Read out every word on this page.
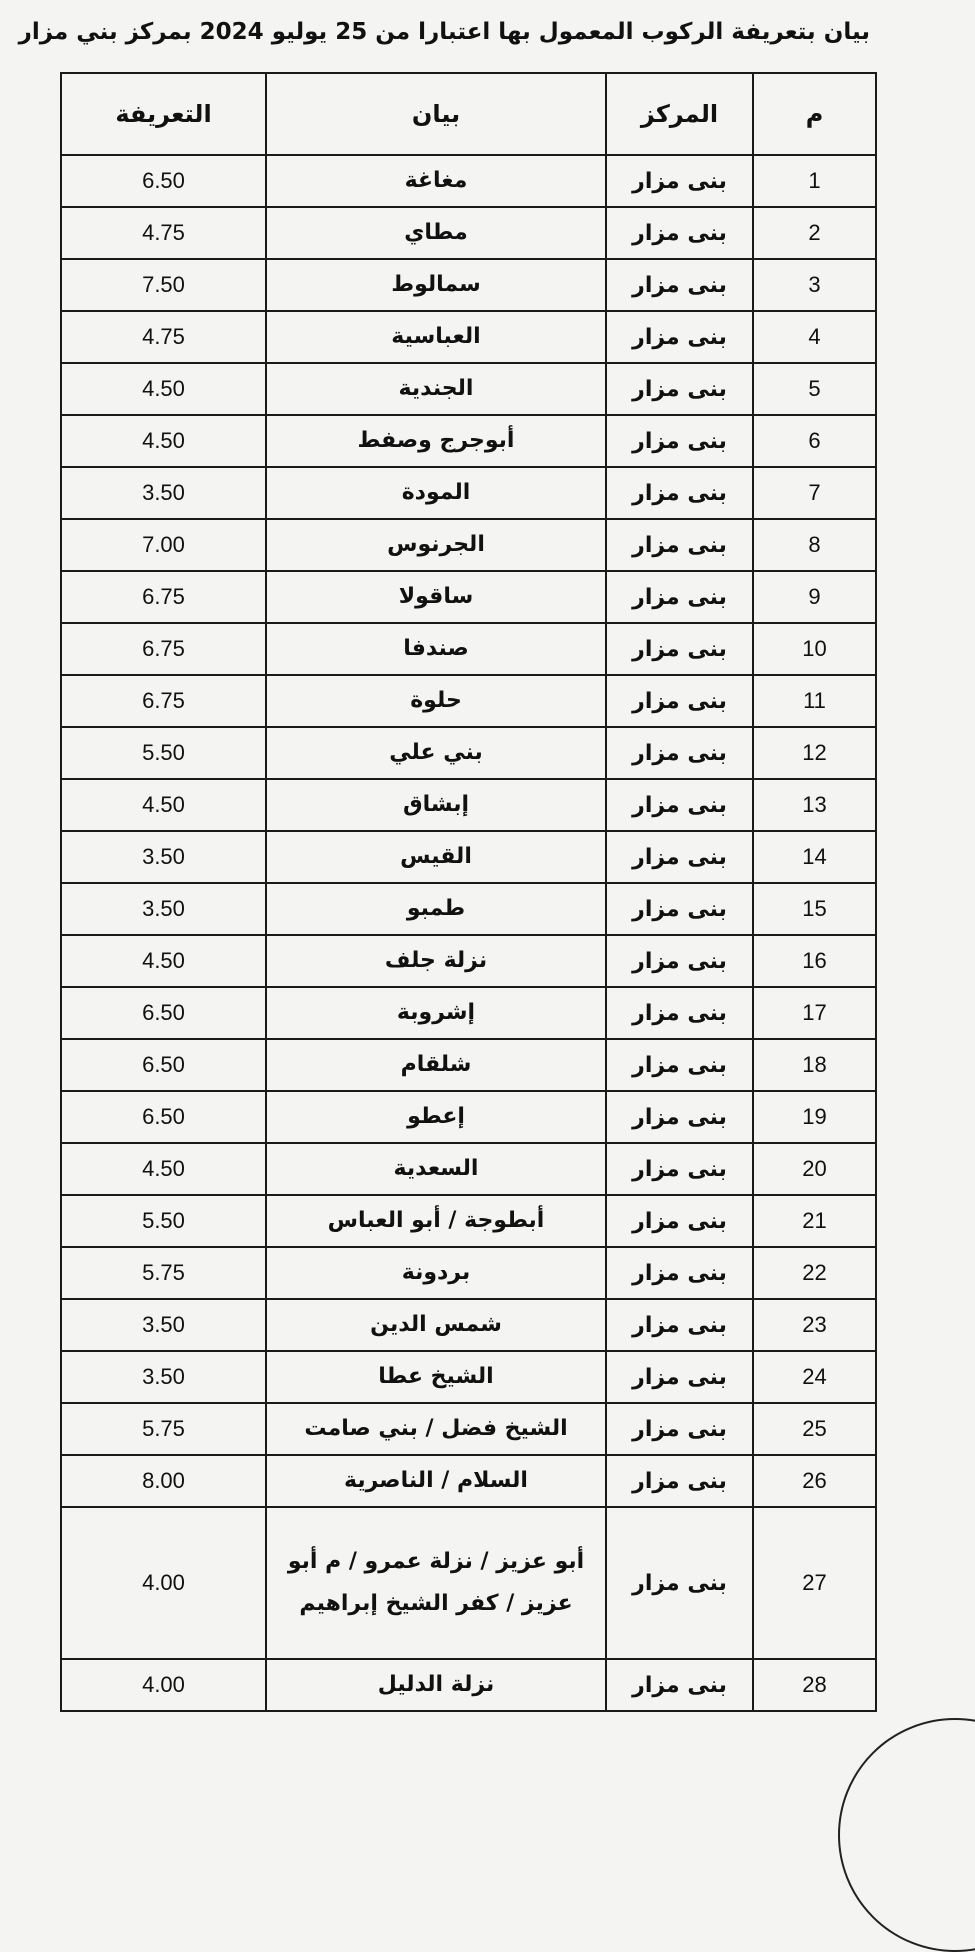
بيان بتعريفة الركوب المعمول بها اعتبارا من 25 يوليو 2024 بمركز بني مزار
م	المركز	بيان	التعريفة
1	بنى مزار	مغاغة	6.50
2	بنى مزار	مطاي	4.75
3	بنى مزار	سمالوط	7.50
4	بنى مزار	العباسية	4.75
5	بنى مزار	الجندية	4.50
6	بنى مزار	أبوجرج وصفط	4.50
7	بنى مزار	المودة	3.50
8	بنى مزار	الجرنوس	7.00
9	بنى مزار	ساقولا	6.75
10	بنى مزار	صندفا	6.75
11	بنى مزار	حلوة	6.75
12	بنى مزار	بني علي	5.50
13	بنى مزار	إبشاق	4.50
14	بنى مزار	القيس	3.50
15	بنى مزار	طمبو	3.50
16	بنى مزار	نزلة جلف	4.50
17	بنى مزار	إشروبة	6.50
18	بنى مزار	شلقام	6.50
19	بنى مزار	إعطو	6.50
20	بنى مزار	السعدية	4.50
21	بنى مزار	أبطوجة / أبو العباس	5.50
22	بنى مزار	بردونة	5.75
23	بنى مزار	شمس الدين	3.50
24	بنى مزار	الشيخ عطا	3.50
25	بنى مزار	الشيخ فضل / بني صامت	5.75
26	بنى مزار	السلام / الناصرية	8.00
27	بنى مزار	أبو عزيز / نزلة عمرو / م أبو عزيز / كفر الشيخ إبراهيم	4.00
28	بنى مزار	نزلة الدليل	4.00
